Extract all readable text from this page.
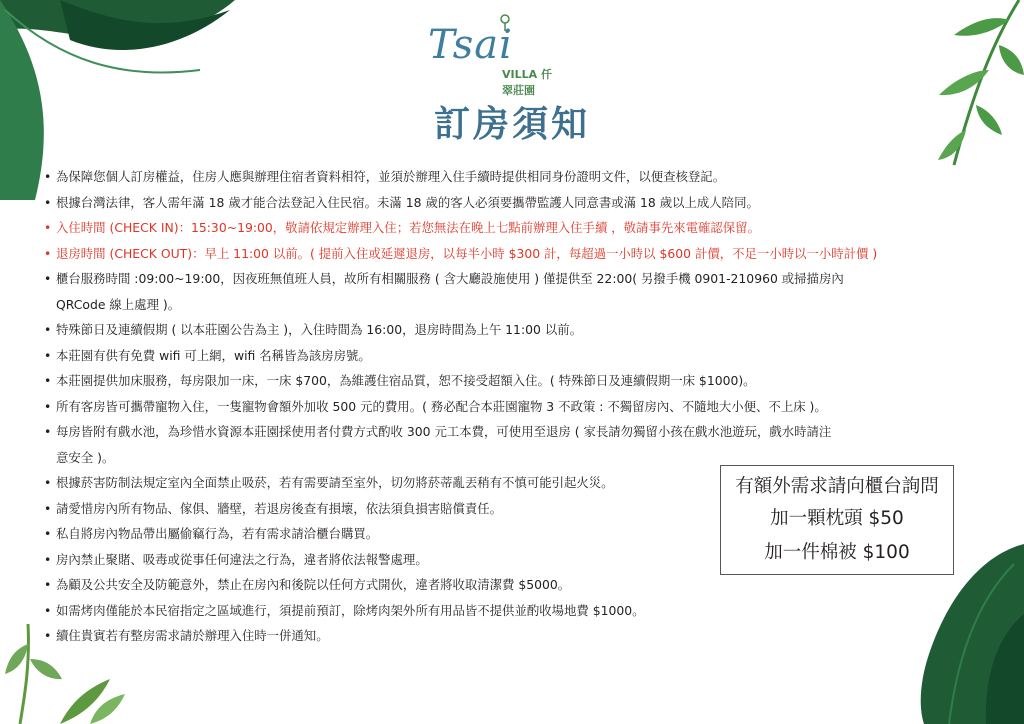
Tsai
VILLA 仟翠莊園
訂房須知
• 為保障您個人訂房權益，住房人應與辦理住宿者資料相符，並須於辦理入住手續時提供相同身份證明文件，以便查核登記。
• 根據台灣法律，客人需年滿 18 歲才能合法登記入住民宿。未滿 18 歲的客人必須要攜帶監護人同意書或滿 18 歲以上成人陪同。
• 入住時間 (CHECK IN)：15:30~19:00，敬請依規定辦理入住；若您無法在晚上七點前辦理入住手續 ，敬請事先來電確認保留。
• 退房時間 (CHECK OUT)：早上 11:00 以前。( 提前入住或延遲退房，以每半小時 $300 計，每超過一小時以 $600 計價，不足一小時以一小時計價 )
• 櫃台服務時間 :09:00~19:00，因夜班無值班人員，故所有相關服務 ( 含大廳設施使用 ) 僅提供至 22:00( 另撥手機 0901-210960 或掃描房內
QRCode 線上處理 )。
• 特殊節日及連續假期 ( 以本莊園公告為主 )，入住時間為 16:00，退房時間為上午 11:00 以前。
• 本莊園有供有免費 wifi 可上網，wifi 名稱皆為該房房號。
• 本莊園提供加床服務，每房限加一床，一床 $700，為維護住宿品質，恕不接受超額入住。( 特殊節日及連續假期一床 $1000)。
• 所有客房皆可攜帶寵物入住，一隻寵物會額外加收 500 元的費用。( 務必配合本莊園寵物 3 不政策 : 不獨留房內、不隨地大小便、不上床 )。
• 每房皆附有戲水池，為珍惜水資源本莊園採使用者付費方式酌收 300 元工本費，可使用至退房 ( 家長請勿獨留小孩在戲水池遊玩，戲水時請注
意安全 )。
• 根據菸害防制法規定室內全面禁止吸菸，若有需要請至室外，切勿將菸蒂亂丟稍有不慎可能引起火災。
• 請愛惜房內所有物品、傢俱、牆壁，若退房後查有損壞，依法須負損害賠償責任。
• 私自將房內物品帶出屬偷竊行為，若有需求請洽櫃台購買。
• 房內禁止聚賭、吸毒或從事任何違法之行為，違者將依法報警處理。
• 為顧及公共安全及防範意外，禁止在房內和後院以任何方式開伙，違者將收取清潔費 $5000。
• 如需烤肉僅能於本民宿指定之區域進行，須提前預訂，除烤肉架外所有用品皆不提供並酌收場地費 $1000。
• 續住貴賓若有整房需求請於辦理入住時一併通知。
有額外需求請向櫃台詢問
加一顆枕頭 $50
加一件棉被 $100
